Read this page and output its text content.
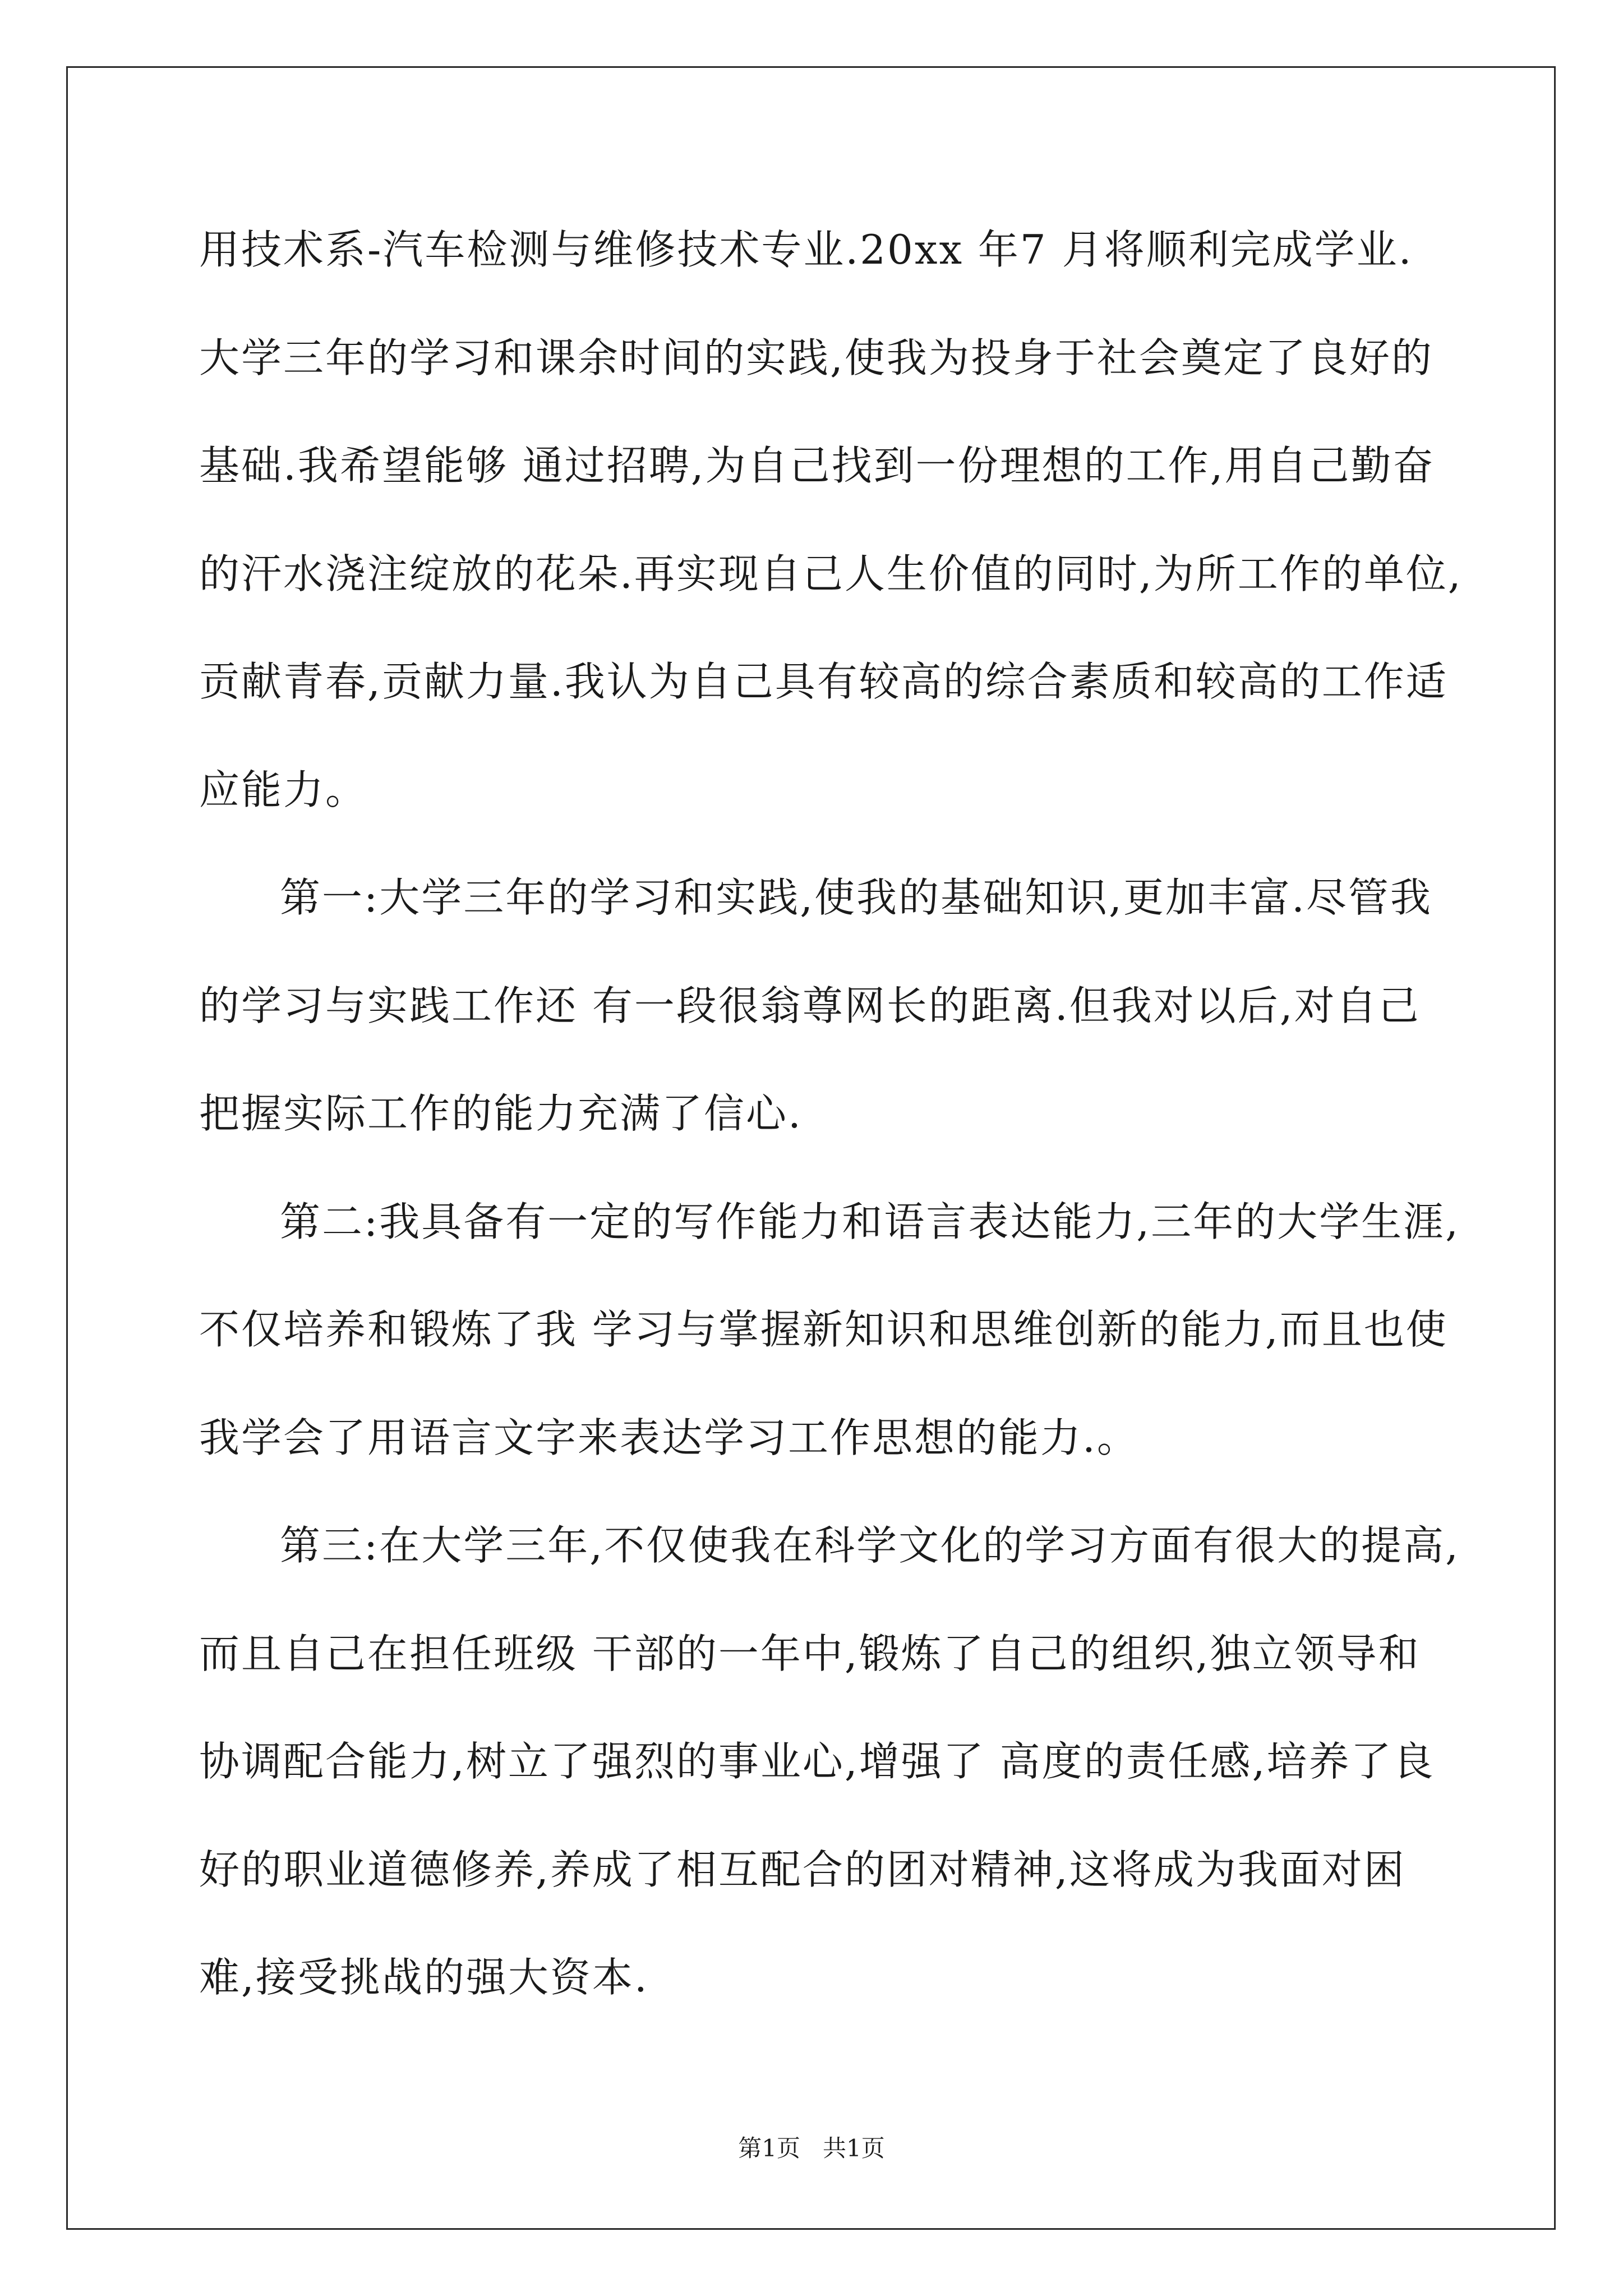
用技术系-汽车检测与维修技术专业.20xx 年7 月将顺利完成学业.
大学三年的学习和课余时间的实践,使我为投身于社会奠定了良好的
基础.我希望能够 通过招聘,为自己找到一份理想的工作,用自己勤奋
的汗水浇注绽放的花朵.再实现自己人生价值的同时,为所工作的单位,
贡献青春,贡献力量.我认为自己具有较高的综合素质和较高的工作适
应能力。
第一:大学三年的学习和实践,使我的基础知识,更加丰富.尽管我
的学习与实践工作还 有一段很翁尊网长的距离.但我对以后,对自己
把握实际工作的能力充满了信心.
第二:我具备有一定的写作能力和语言表达能力,三年的大学生涯,
不仅培养和锻炼了我 学习与掌握新知识和思维创新的能力,而且也使
我学会了用语言文字来表达学习工作思想的能力.。
第三:在大学三年,不仅使我在科学文化的学习方面有很大的提高,
而且自己在担任班级 干部的一年中,锻炼了自己的组织,独立领导和
协调配合能力,树立了强烈的事业心,增强了 高度的责任感,培养了良
好的职业道德修养,养成了相互配合的团对精神,这将成为我面对困
难,接受挑战的强大资本.
第1页   共1页
